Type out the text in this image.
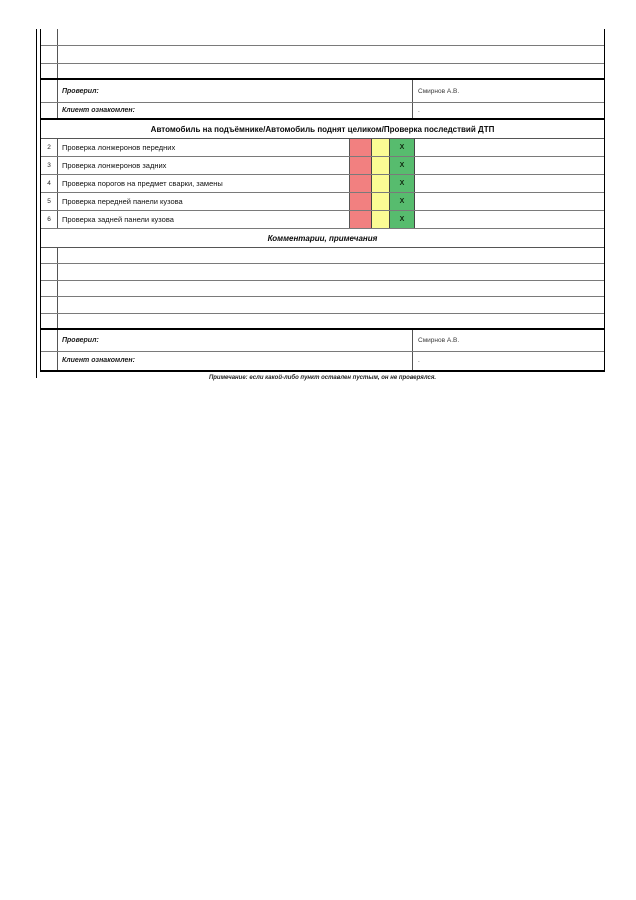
Проверил:	Смирнов А.В.
Клиент ознакомлен:	.
Автомобиль на подъёмнике/Автомобиль поднят целиком/Проверка последствий ДТП
2	Проверка лонжеронов передних	X
3	Проверка лонжеронов задних	X
4	Проверка порогов на предмет сварки, замены	X
5	Проверка передней панели кузова	X
6	Проверка задней панели кузова	X
Комментарии, примечания
Проверил:	Смирнов А.В.
Клиент ознакомлен:	.
Примечание: если какой-либо пункт оставлен пустым, он не проверялся.
